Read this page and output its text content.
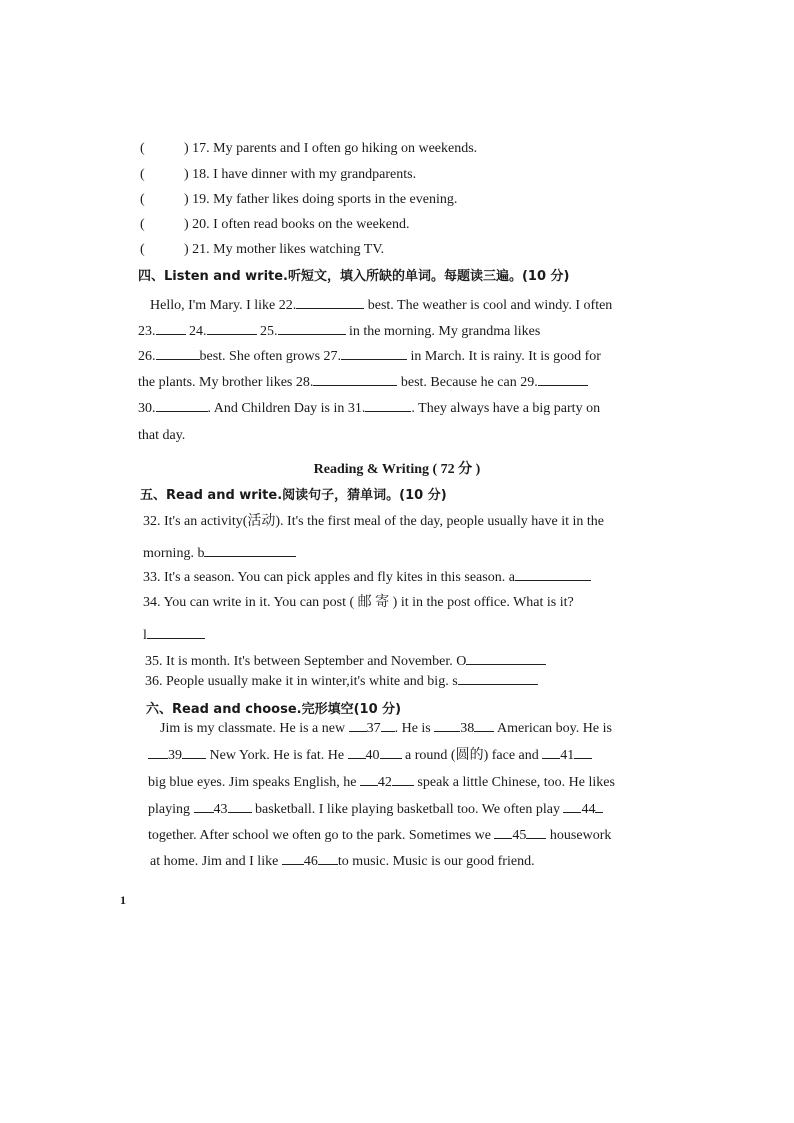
(	) 17. My parents and I often go hiking on weekends.
(	) 18. I have dinner with my grandparents.
(	) 19. My father likes doing sports in the evening.
(	) 20. I often read books on the weekend.
(	) 21. My mother likes watching TV.
四、Listen and write.听短文，填入所缺的单词。每题读三遍。(10 分)
Hello, I'm Mary. I like 22.	best. The weather is cool and windy. I often
23. 24.	25.	in the morning. My grandma likes
26.	best. She often grows 27.	in March. It is rainy. It is good for
the plants. My brother likes 28.	best. Because he can 29.
30.	. And Children Day is in 31.	. They always have a big party on
that day.
Reading & Writing ( 72 分 )
五、Read and write.阅读句子，猜单词。(10 分)
32. It's an activity(活动). It's the first meal of the day, people usually have it in the
morning. b
33. It's a season. You can pick apples and fly kites in this season. a
34. You can write in it. You can post ( 邮 寄 ) it in the post office. What is it?
l
35. It is month. It's between September and November. O
36. People usually make it in winter,it's white and big. s
六、Read and choose.完形填空(10 分)
Jim is my classmate. He is a new 37 . He is 38 American boy. He is
39 New York. He is fat. He 40 a round (圆的) face and 41
big blue eyes. Jim speaks English, he 42 speak a little Chinese, too. He likes
playing 43 basketball. I like playing basketball too. We often play 44
together. After school we often go to the park. Sometimes we 45 housework
at home. Jim and I like 46 to music. Music is our good friend.
1
